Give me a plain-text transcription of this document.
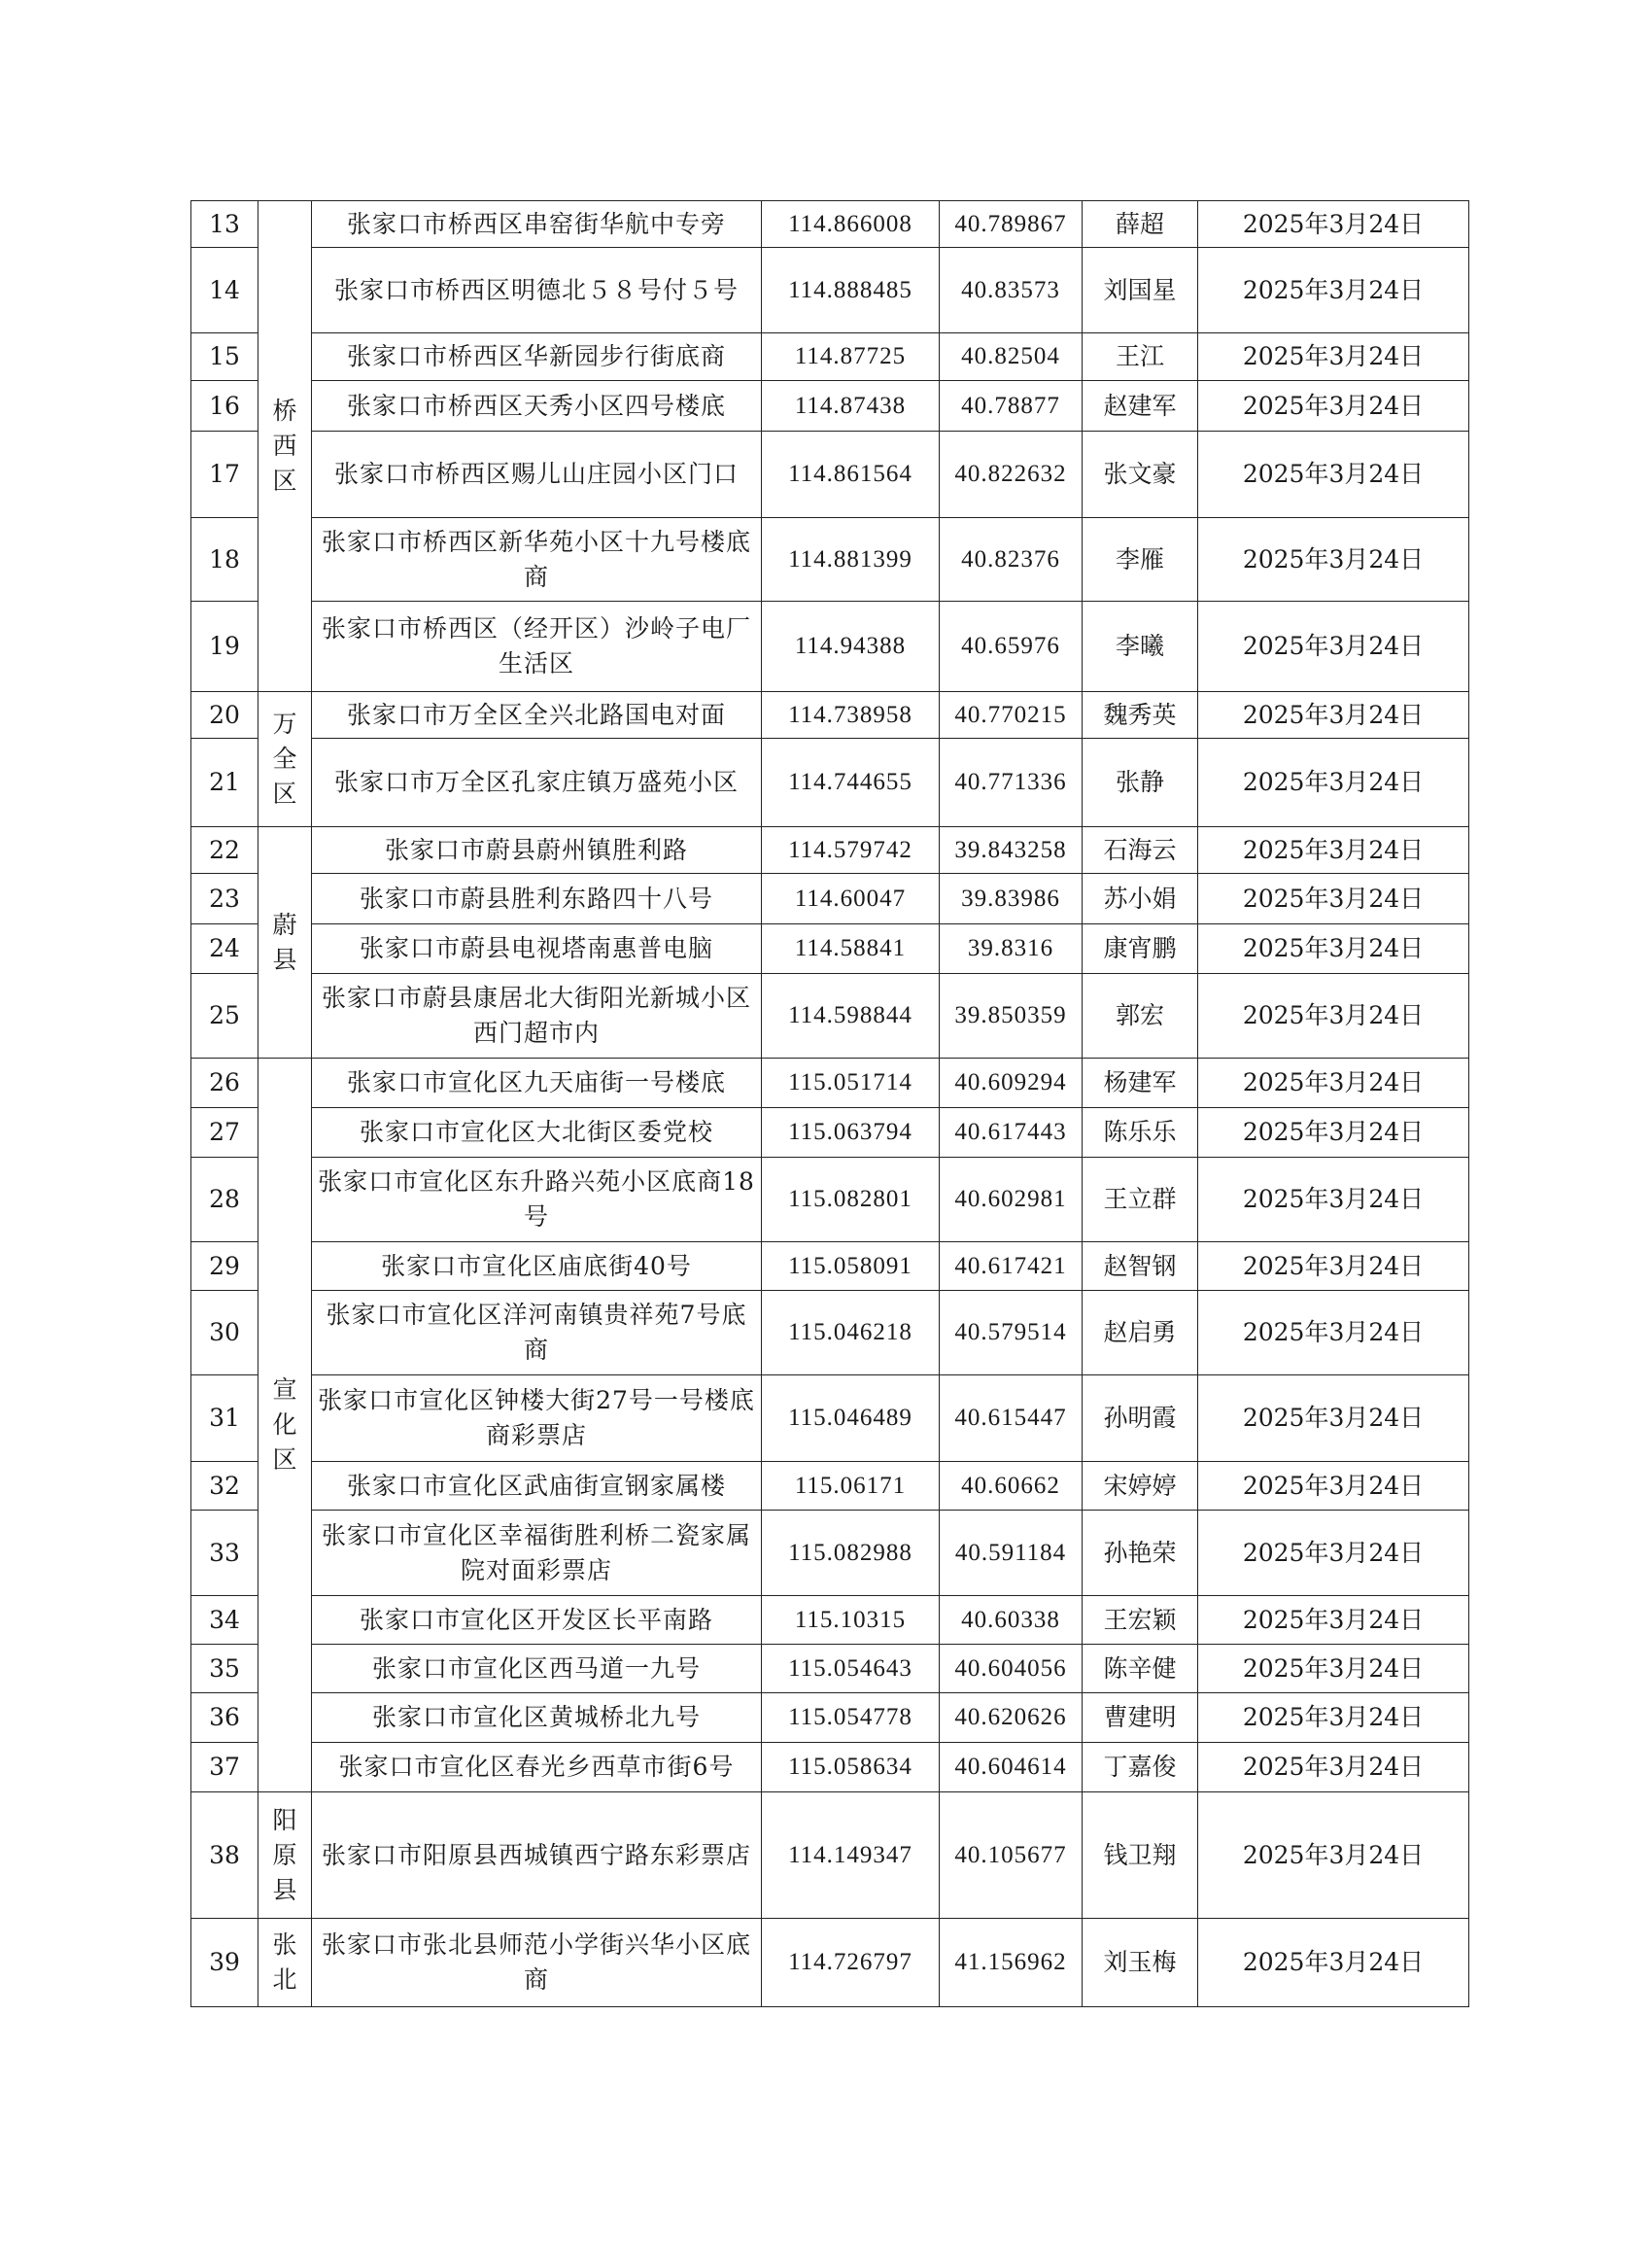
13	桥西区	张家口市桥西区串窑街华航中专旁	114.866008	40.789867	薛超	2025年3月24日
14		张家口市桥西区明德北５８号付５号	114.888485	40.83573	刘国星	2025年3月24日
15		张家口市桥西区华新园步行街底商	114.87725	40.82504	王江	2025年3月24日
16		张家口市桥西区天秀小区四号楼底	114.87438	40.78877	赵建军	2025年3月24日
17		张家口市桥西区赐儿山庄园小区门口	114.861564	40.822632	张文豪	2025年3月24日
18		张家口市桥西区新华苑小区十九号楼底商	114.881399	40.82376	李雁	2025年3月24日
19		张家口市桥西区（经开区）沙岭子电厂生活区	114.94388	40.65976	李曦	2025年3月24日
20	万全区	张家口市万全区全兴北路国电对面	114.738958	40.770215	魏秀英	2025年3月24日
21		张家口市万全区孔家庄镇万盛苑小区	114.744655	40.771336	张静	2025年3月24日
22	蔚县	张家口市蔚县蔚州镇胜利路	114.579742	39.843258	石海云	2025年3月24日
23		张家口市蔚县胜利东路四十八号	114.60047	39.83986	苏小娟	2025年3月24日
24		张家口市蔚县电视塔南惠普电脑	114.58841	39.8316	康宵鹏	2025年3月24日
25		张家口市蔚县康居北大街阳光新城小区西门超市内	114.598844	39.850359	郭宏	2025年3月24日
26	宣化区	张家口市宣化区九天庙街一号楼底	115.051714	40.609294	杨建军	2025年3月24日
27		张家口市宣化区大北街区委党校	115.063794	40.617443	陈乐乐	2025年3月24日
28		张家口市宣化区东升路兴苑小区底商18号	115.082801	40.602981	王立群	2025年3月24日
29		张家口市宣化区庙底街40号	115.058091	40.617421	赵智钢	2025年3月24日
30		张家口市宣化区洋河南镇贵祥苑7号底商	115.046218	40.579514	赵启勇	2025年3月24日
31		张家口市宣化区钟楼大街27号一号楼底商彩票店	115.046489	40.615447	孙明霞	2025年3月24日
32		张家口市宣化区武庙街宣钢家属楼	115.06171	40.60662	宋婷婷	2025年3月24日
33		张家口市宣化区幸福街胜利桥二瓷家属院对面彩票店	115.082988	40.591184	孙艳荣	2025年3月24日
34		张家口市宣化区开发区长平南路	115.10315	40.60338	王宏颖	2025年3月24日
35		张家口市宣化区西马道一九号	115.054643	40.604056	陈辛健	2025年3月24日
36		张家口市宣化区黄城桥北九号	115.054778	40.620626	曹建明	2025年3月24日
37		张家口市宣化区春光乡西草市街6号	115.058634	40.604614	丁嘉俊	2025年3月24日
38	阳原县	张家口市阳原县西城镇西宁路东彩票店	114.149347	40.105677	钱卫翔	2025年3月24日
39	张北	张家口市张北县师范小学街兴华小区底商	114.726797	41.156962	刘玉梅	2025年3月24日
